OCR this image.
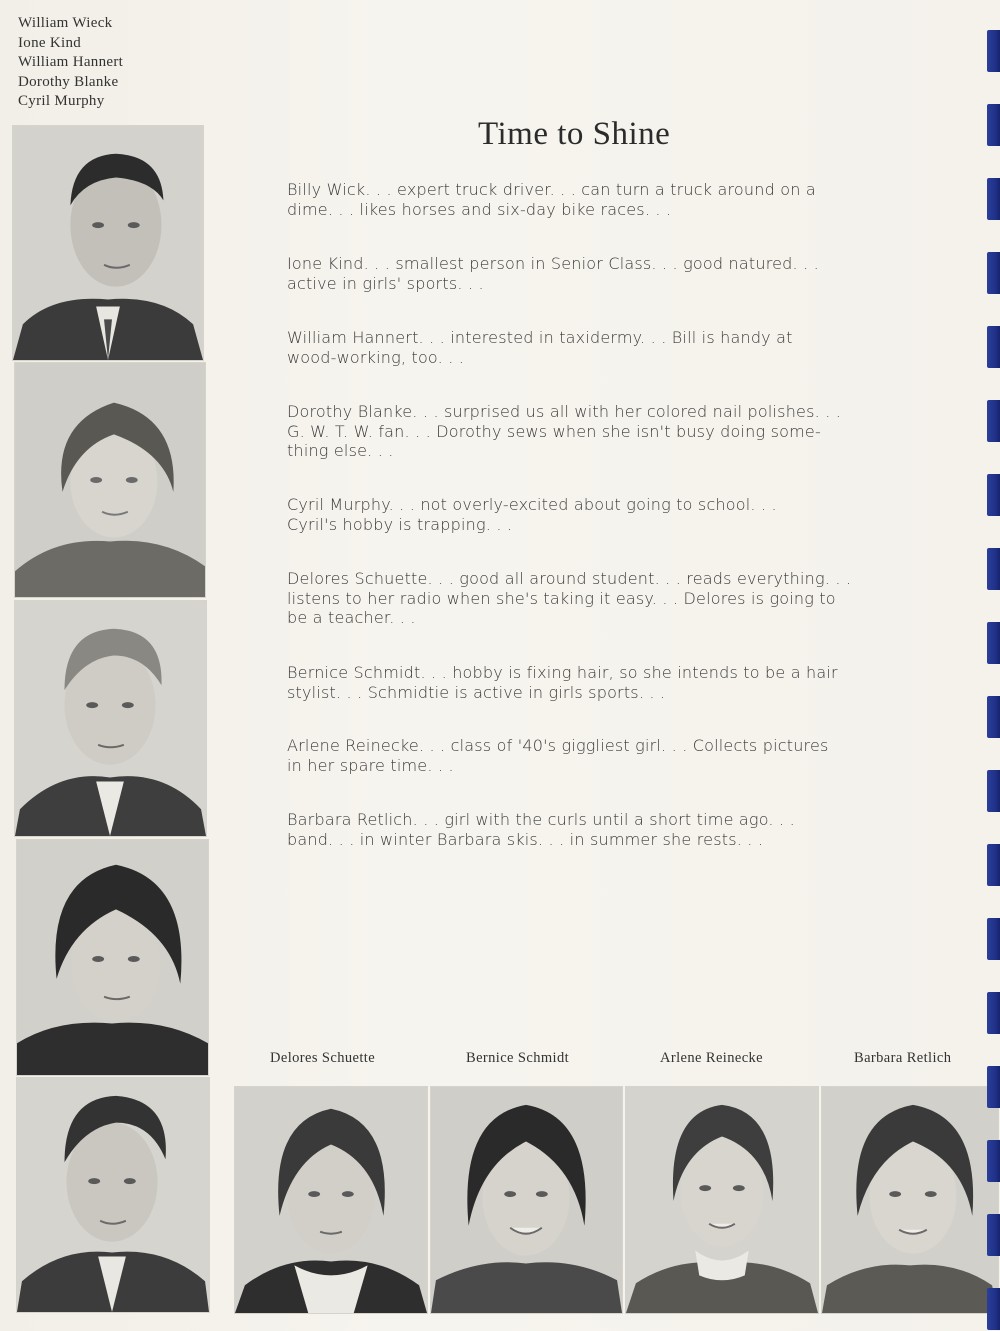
William Wieck
Ione Kind
William Hannert
Dorothy Blanke
Cyril Murphy
Time to Shine
Billy Wick. . . expert truck driver. . . can turn a truck around on a
dime. . . likes horses and six-day bike races. . .
Ione Kind. . . smallest person in Senior Class. . . good natured. . .
active in girls' sports. . .
William Hannert. . . interested in taxidermy. . . Bill is handy at
wood-working, too. . .
Dorothy Blanke. . . surprised us all with her colored nail polishes. . .
G. W. T. W. fan. . . Dorothy sews when she isn't busy doing some-
thing else. . .
Cyril Murphy. . . not overly-excited about going to school. . .
Cyril's hobby is trapping. . .
Delores Schuette. . . good all around student. . . reads everything. . .
listens to her radio when she's taking it easy. . . Delores is going to
be a teacher. . .
Bernice Schmidt. . . hobby is fixing hair, so she intends to be a hair
stylist. . . Schmidtie is active in girls sports. . .
Arlene Reinecke. . . class of '40's giggliest girl. . . Collects pictures
in her spare time. . .
Barbara Retlich. . . girl with the curls until a short time ago. . .
band. . . in winter Barbara skis. . . in summer she rests. . .
Delores Schuette	Bernice Schmidt	Arlene Reinecke	Barbara Retlich
